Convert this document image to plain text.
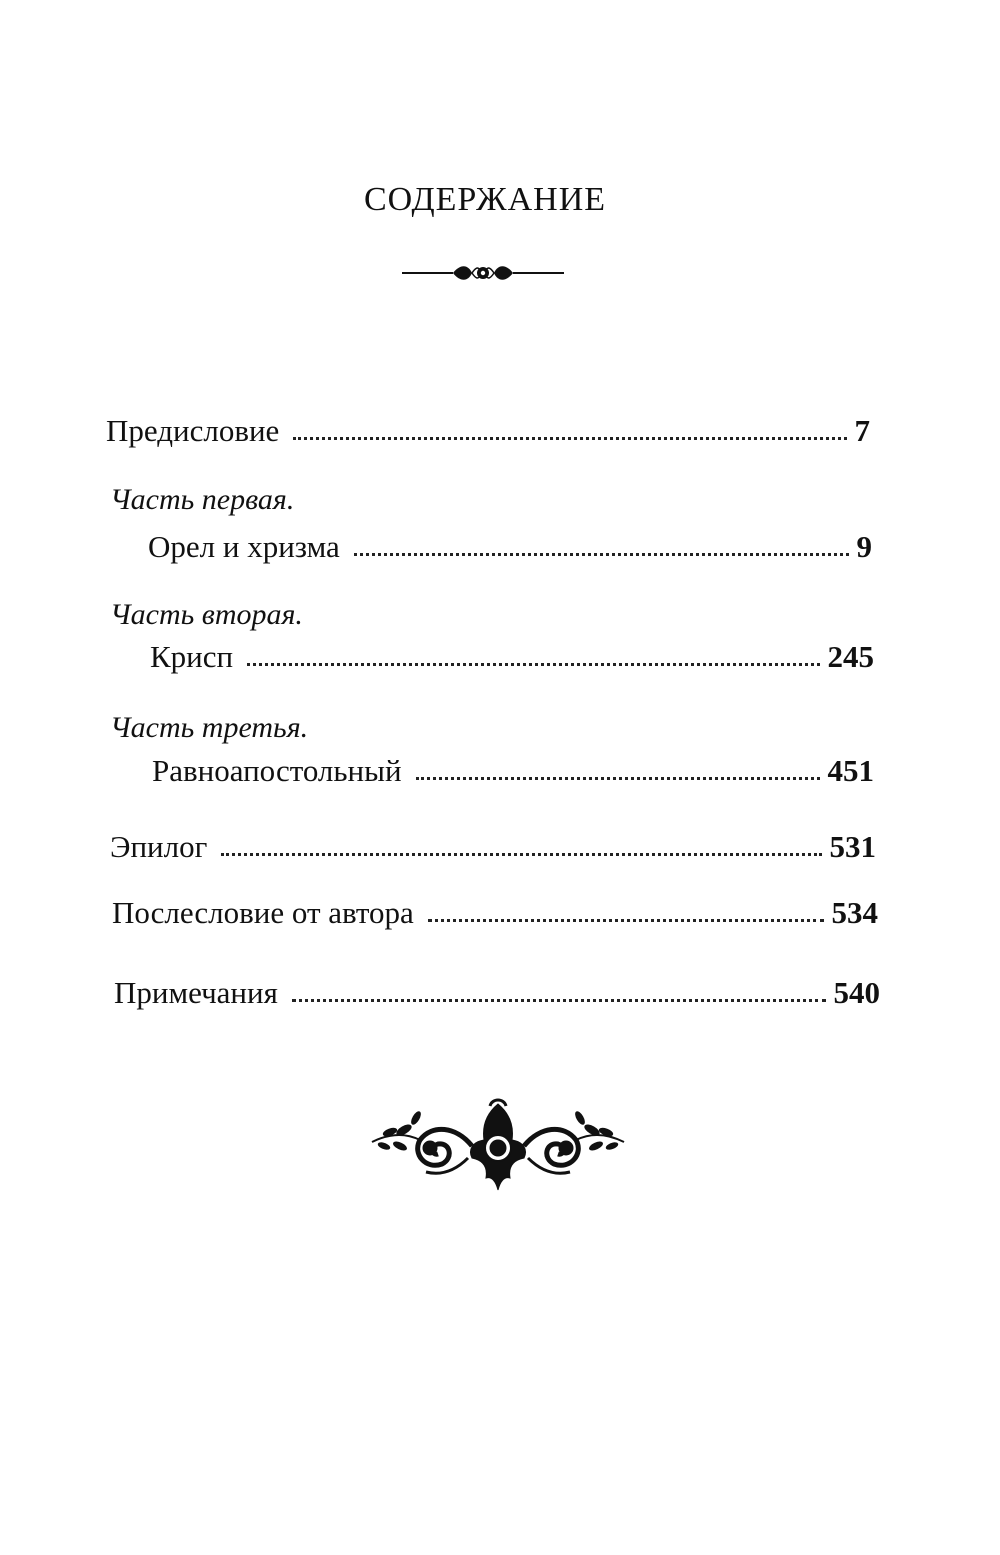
СОДЕРЖАНИЕ
Предисловие	7
Часть первая.
Орел и хризма	9
Часть вторая.
Крисп	245
Часть третья.
Равноапостольный	451
Эпилог	531
Послесловие от автора	534
Примечания	540
